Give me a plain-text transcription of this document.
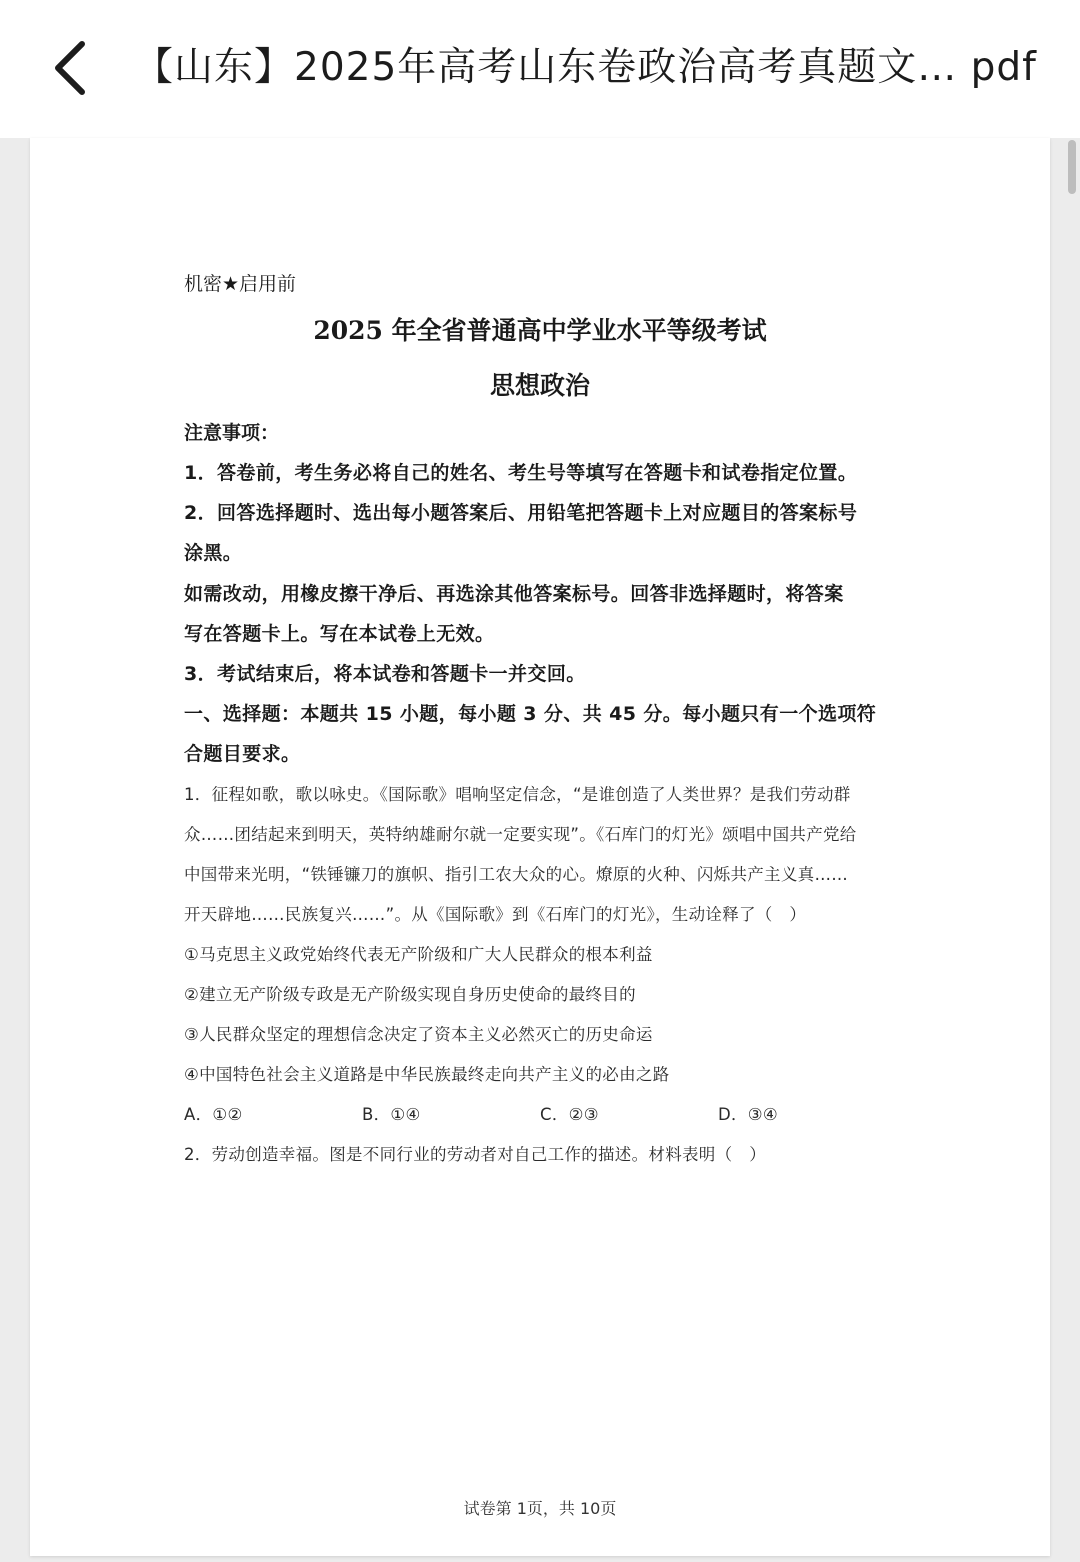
【山东】2025年高考山东卷政治高考真题文… pdf
机密★启用前
2025 年全省普通高中学业水平等级考试
思想政治
注意事项：
1．答卷前，考生务必将自己的姓名、考生号等填写在答题卡和试卷指定位置。
2．回答选择题时、选出每小题答案后、用铅笔把答题卡上对应题目的答案标号
涂黑。
如需改动，用橡皮擦干净后、再选涂其他答案标号。回答非选择题时，将答案
写在答题卡上。写在本试卷上无效。
3．考试结束后，将本试卷和答题卡一并交回。
一、选择题：本题共 15 小题，每小题 3 分、共 45 分。每小题只有一个选项符
合题目要求。
1．征程如歌，歌以咏史。《国际歌》唱响坚定信念，“是谁创造了人类世界？是我们劳动群
众……团结起来到明天，英特纳雄耐尔就一定要实现”。《石库门的灯光》颂唱中国共产党给
中国带来光明，“铁锤镰刀的旗帜、指引工农大众的心。燎原的火种、闪烁共产主义真……
开天辟地……民族复兴……”。从《国际歌》到《石库门的灯光》，生动诠释了（　）
①马克思主义政党始终代表无产阶级和广大人民群众的根本利益
②建立无产阶级专政是无产阶级实现自身历史使命的最终目的
③人民群众坚定的理想信念决定了资本主义必然灭亡的历史命运
④中国特色社会主义道路是中华民族最终走向共产主义的必由之路
A．①②	B．①④	C．②③	D．③④
2．劳动创造幸福。图是不同行业的劳动者对自己工作的描述。材料表明（　）
试卷第 1页，共 10页
